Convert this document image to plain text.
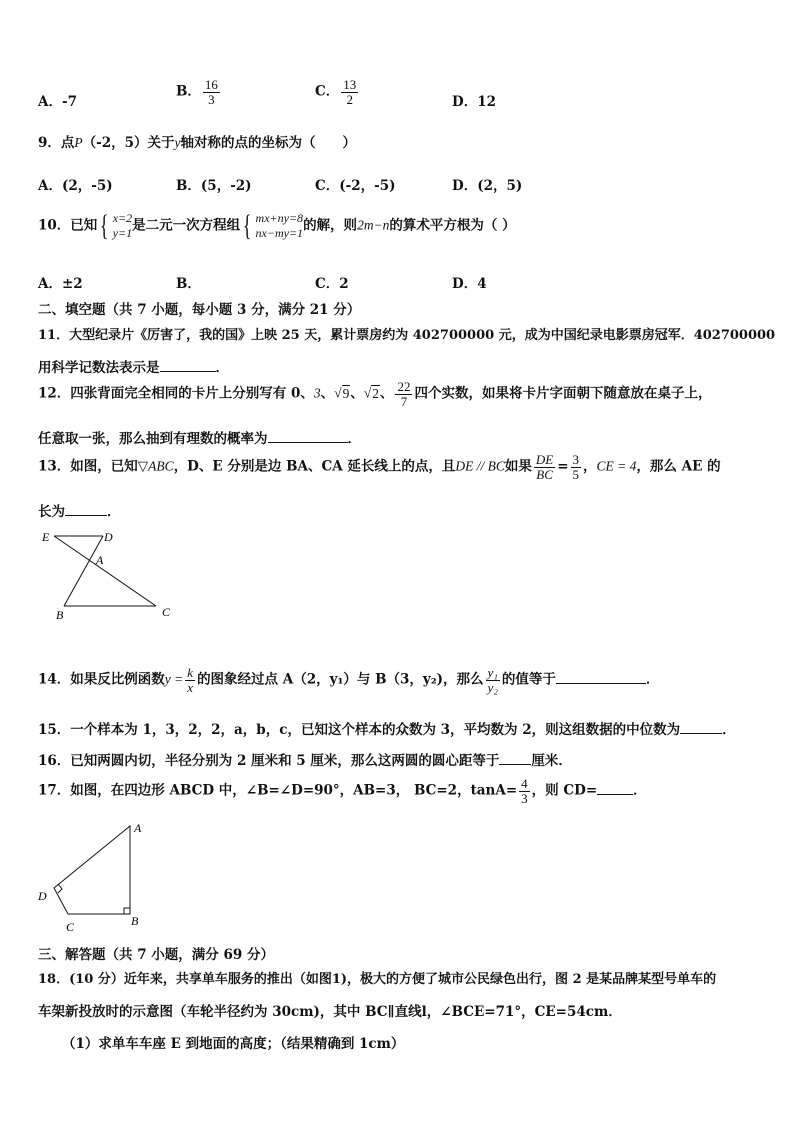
A．-7
B． $\frac{16}{3}$	C． $\frac{13}{2}$	D．12
9．点P（-2，5）关于y轴对称的点的坐标为（　　）
A．(2，-5)	B．(5，-2)	C．(-2，-5)	D．(2，5)
10．已知 { x=2
y=1 是二元一次方程组 { mx+ny=8
nx−my=1 的解，则2m−n的算术平方根为（ ）
A．±2	B．	C．2	D．4
二、填空题（共 7 小题，每小题 3 分，满分 21 分）
11．大型纪录片《厉害了，我的国》上映 25 天，累计票房约为 402700000 元，成为中国纪录电影票房冠军．402700000
用科学记数法表示是	．
12．四张背面完全相同的卡片上分别写有 0、3、√9、√2、 $\frac{22}{7}$ 四个实数，如果将卡片字面朝下随意放在桌子上，
任意取一张，那么抽到有理数的概率为	．
13．如图，已知▽ABC，D、E 分别是边 BA、CA 延长线上的点，且DE // BC如果 $\frac{DE}{BC} = \frac{3}{5}$ ，CE = 4，那么 AE 的
长为	．
E	D
A
B	C
14．如果反比例函数$y = \frac{k}{x}$ 的图象经过点 A（2，y₁）与 B（3，y₂)，那么 $\frac{\text{y₁}}{\text{y₂}}$ 的值等于	．
15．一个样本为 1，3，2，2，a，b，c，已知这个样本的众数为 3，平均数为 2，则这组数据的中位数为	．
16．已知两圆内切，半径分别为 2 厘米和 5 厘米，那么这两圆的圆心距等于 厘米．
17．如图，在四边形 ABCD 中，∠B=∠D=90°，AB=3， BC=2，$\tan A= \frac{4}{3}$ ，则 CD=	．
A
B
C
D
三、解答题（共 7 小题，满分 69 分）
18．(10 分）近年来，共享单车服务的推出（如图1)，极大的方便了城市公民绿色出行，图 2 是某品牌某型号单车的
车架新投放时的示意图（车轮半径约为 30cm)，其中 BC∥直线l，∠BCE=71°，CE=54cm．
（1）求单车车座 E 到地面的高度；（结果精确到 1cm）
